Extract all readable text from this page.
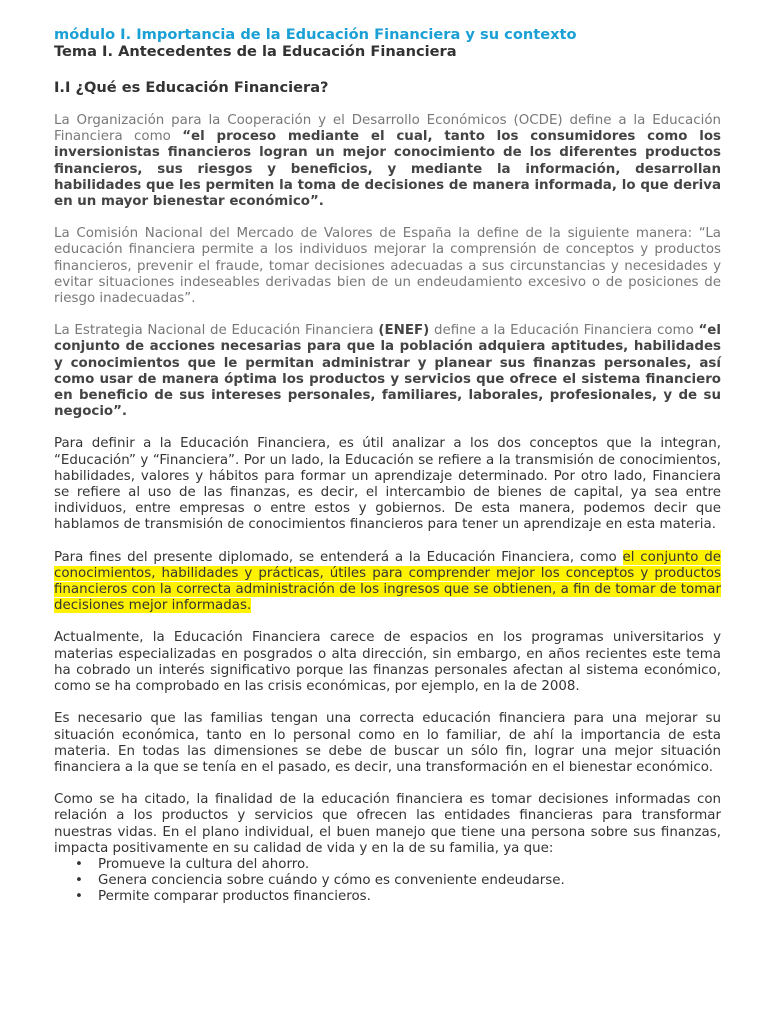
módulo I. Importancia de la Educación Financiera y su contexto
Tema I. Antecedentes de la Educación Financiera
I.I ¿Qué es Educación Financiera?

La Organización para la Cooperación y el Desarrollo Económicos (OCDE) define a la Educación Financiera como “el proceso mediante el cual, tanto los consumidores como los inversionistas financieros logran un mejor conocimiento de los diferentes productos financieros, sus riesgos y beneficios, y mediante la información, desarrollan habilidades que les permiten la toma de decisiones de manera informada, lo que deriva en un mayor bienestar económico”.

La Comisión Nacional del Mercado de Valores de España la define de la siguiente manera: “La educación financiera permite a los individuos mejorar la comprensión de conceptos y productos financieros, prevenir el fraude, tomar decisiones adecuadas a sus circunstancias y necesidades y evitar situaciones indeseables derivadas bien de un endeudamiento excesivo o de posiciones de riesgo inadecuadas”.

La Estrategia Nacional de Educación Financiera (ENEF) define a la Educación Financiera como “el conjunto de acciones necesarias para que la población adquiera aptitudes, habilidades y conocimientos que le permitan administrar y planear sus finanzas personales, así como usar de manera óptima los productos y servicios que ofrece el sistema financiero en beneficio de sus intereses personales, familiares, laborales, profesionales, y de su negocio”.

Para definir a la Educación Financiera, es útil analizar a los dos conceptos que la integran, “Educación” y “Financiera”. Por un lado, la Educación se refiere a la transmisión de conocimientos, habilidades, valores y hábitos para formar un aprendizaje determinado. Por otro lado, Financiera se refiere al uso de las finanzas, es decir, el intercambio de bienes de capital, ya sea entre individuos, entre empresas o entre estos y gobiernos. De esta manera, podemos decir que hablamos de transmisión de conocimientos financieros para tener un aprendizaje en esta materia.

Para fines del presente diplomado, se entenderá a la Educación Financiera, como el conjunto de conocimientos, habilidades y prácticas, útiles para comprender mejor los conceptos y productos financieros con la correcta administración de los ingresos que se obtienen, a fin de tomar de tomar decisiones mejor informadas.

Actualmente, la Educación Financiera carece de espacios en los programas universitarios y materias especializadas en posgrados o alta dirección, sin embargo, en años recientes este tema ha cobrado un interés significativo porque las finanzas personales afectan al sistema económico, como se ha comprobado en las crisis económicas, por ejemplo, en la de 2008.

Es necesario que las familias tengan una correcta educación financiera para una mejorar su situación económica, tanto en lo personal como en lo familiar, de ahí la importancia de esta materia. En todas las dimensiones se debe de buscar un sólo fin, lograr una mejor situación financiera a la que se tenía en el pasado, es decir, una transformación en el bienestar económico.

Como se ha citado, la finalidad de la educación financiera es tomar decisiones informadas con relación a los productos y servicios que ofrecen las entidades financieras para transformar nuestras vidas. En el plano individual, el buen manejo que tiene una persona sobre sus finanzas, impacta positivamente en su calidad de vida y en la de su familia, ya que:

• Promueve la cultura del ahorro.
• Genera conciencia sobre cuándo y cómo es conveniente endeudarse.
• Permite comparar productos financieros.
